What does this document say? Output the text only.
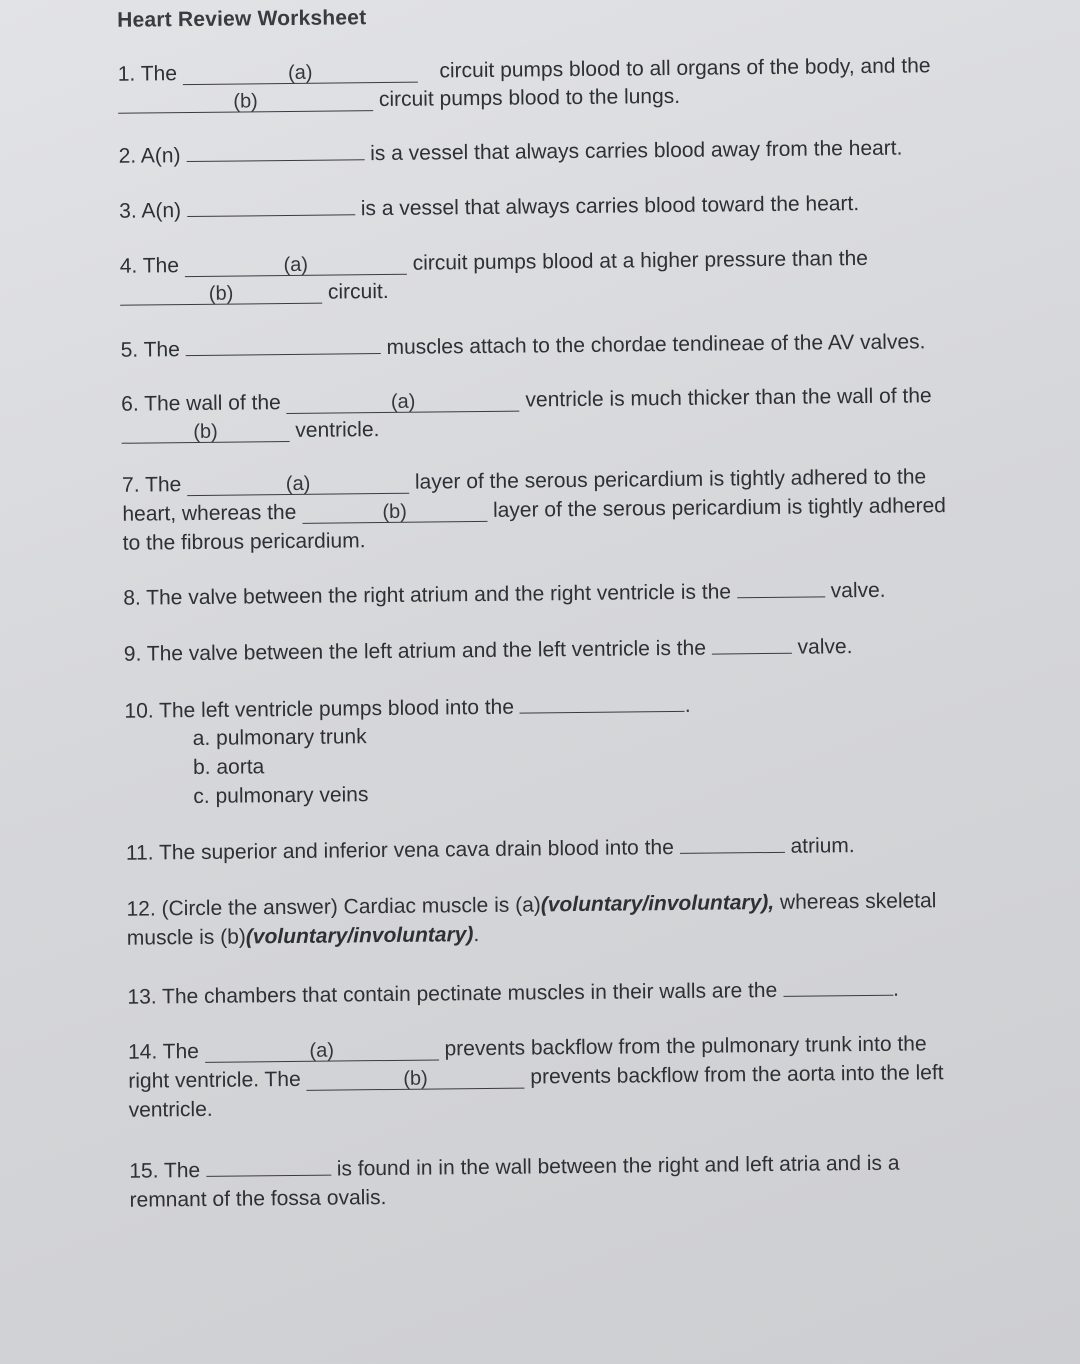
Heart Review Worksheet
1. The	(a)	circuit pumps blood to all organs of the body, and the
(b)	circuit pumps blood to the lungs.
2. A(n)	is a vessel that always carries blood away from the heart.
3. A(n)	is a vessel that always carries blood toward the heart.
4. The	(a)	circuit pumps blood at a higher pressure than the
(b)	circuit.
5. The	muscles attach to the chordae tendineae of the AV valves.
6. The wall of the	(a)	ventricle is much thicker than the wall of the
(b)	ventricle.
7. The	(a)	layer of the serous pericardium is tightly adhered to the
heart, whereas the	(b)	layer of the serous pericardium is tightly adhered
to the fibrous pericardium.
8. The valve between the right atrium and the right ventricle is the	valve.
9. The valve between the left atrium and the left ventricle is the	valve.
10. The left ventricle pumps blood into the	.
a. pulmonary trunk
b. aorta
c. pulmonary veins
11. The superior and inferior vena cava drain blood into the	atrium.
12. (Circle the answer) Cardiac muscle is (a)(voluntary/involuntary), whereas skeletal
muscle is (b)(voluntary/involuntary).
13. The chambers that contain pectinate muscles in their walls are the	.
14. The	(a)	prevents backflow from the pulmonary trunk into the
right ventricle. The	(b)	prevents backflow from the aorta into the left
ventricle.
15. The	is found in in the wall between the right and left atria and is a
remnant of the fossa ovalis.
